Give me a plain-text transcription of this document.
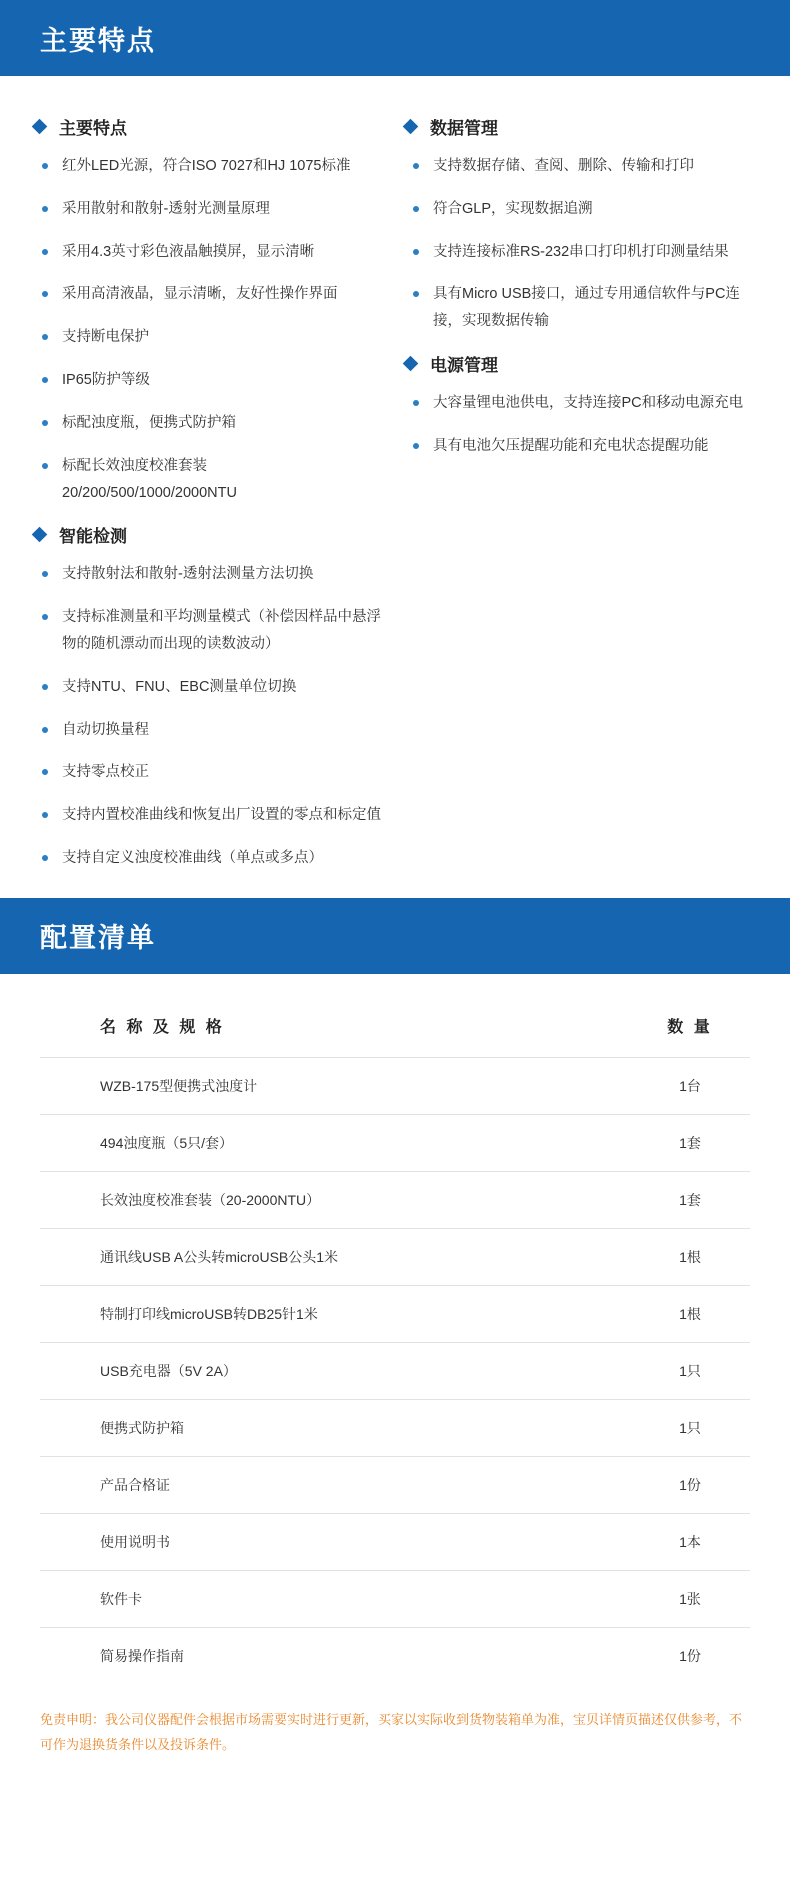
主要特点
主要特点
红外LED光源，符合ISO 7027和HJ 1075标准
采用散射和散射-透射光测量原理
采用4.3英寸彩色液晶触摸屏，显示清晰
采用高清液晶，显示清晰，友好性操作界面
支持断电保护
IP65防护等级
标配浊度瓶，便携式防护箱
标配长效浊度校准套装 20/200/500/1000/2000NTU
智能检测
支持散射法和散射-透射法测量方法切换
支持标准测量和平均测量模式（补偿因样品中悬浮物的随机漂动而出现的读数波动）
支持NTU、FNU、EBC测量单位切换
自动切换量程
支持零点校正
支持内置校准曲线和恢复出厂设置的零点和标定值
支持自定义浊度校准曲线（单点或多点）
数据管理
支持数据存储、查阅、删除、传输和打印
符合GLP，实现数据追溯
支持连接标准RS-232串口打印机打印测量结果
具有Micro USB接口，通过专用通信软件与PC连接，实现数据传输
电源管理
大容量锂电池供电，支持连接PC和移动电源充电
具有电池欠压提醒功能和充电状态提醒功能
配置清单
名 称 及 规 格	数 量
WZB-175型便携式浊度计	1台
494浊度瓶（5只/套）	1套
长效浊度校准套装（20-2000NTU）	1套
通讯线USB A公头转microUSB公头1米	1根
特制打印线microUSB转DB25针1米	1根
USB充电器（5V 2A）	1只
便携式防护箱	1只
产品合格证	1份
使用说明书	1本
软件卡	1张
简易操作指南	1份
免责申明：我公司仪器配件会根据市场需要实时进行更新，买家以实际收到货物装箱单为准，宝贝详情页描述仅供参考，不可作为退换货条件以及投诉条件。
